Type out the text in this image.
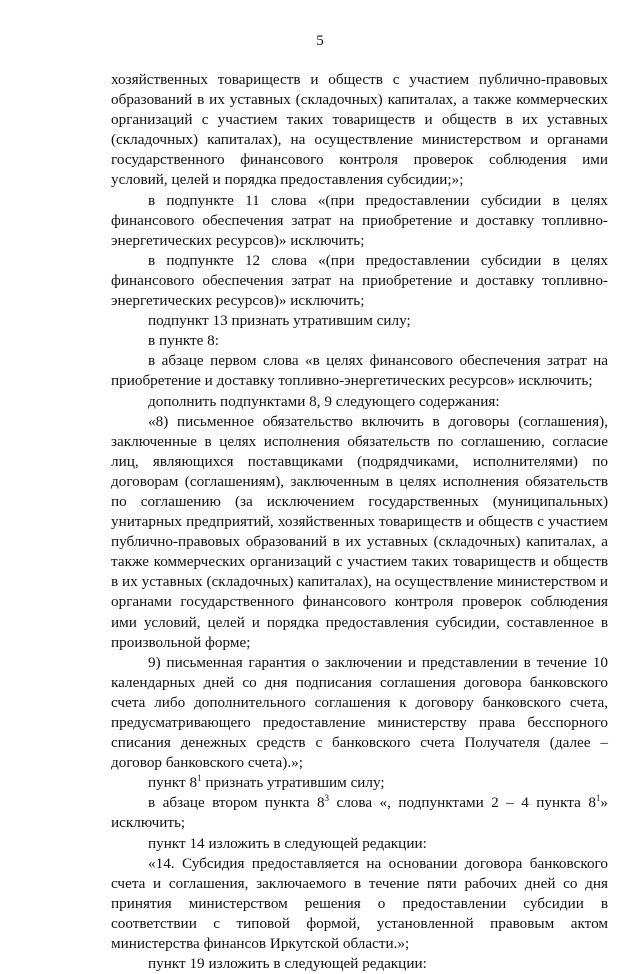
5

хозяйственных товариществ и обществ с участием публично-правовых образований в их уставных (складочных) капиталах, а также коммерческих организаций с участием таких товариществ и обществ в их уставных (складочных) капиталах), на осуществление министерством и органами государственного финансового контроля проверок соблюдения ими условий, целей и порядка предоставления субсидии;»;

в подпункте 11 слова «(при предоставлении субсидии в целях финансового обеспечения затрат на приобретение и доставку топливно-энергетических ресурсов)» исключить;

в подпункте 12 слова «(при предоставлении субсидии в целях финансового обеспечения затрат на приобретение и доставку топливно-энергетических ресурсов)» исключить;

подпункт 13 признать утратившим силу;

в пункте 8:

в абзаце первом слова «в целях финансового обеспечения затрат на приобретение и доставку топливно-энергетических ресурсов» исключить;

дополнить подпунктами 8, 9 следующего содержания:

«8) письменное обязательство включить в договоры (соглашения), заключенные в целях исполнения обязательств по соглашению, согласие лиц, являющихся поставщиками (подрядчиками, исполнителями) по договорам (соглашениям), заключенным в целях исполнения обязательств по соглашению (за исключением государственных (муниципальных) унитарных предприятий, хозяйственных товариществ и обществ с участием публично-правовых образований в их уставных (складочных) капиталах, а также коммерческих организаций с участием таких товариществ и обществ в их уставных (складочных) капиталах), на осуществление министерством и органами государственного финансового контроля проверок соблюдения ими условий, целей и порядка предоставления субсидии, составленное в произвольной форме;

9) письменная гарантия о заключении и представлении в течение 10 календарных дней со дня подписания соглашения договора банковского счета либо дополнительного соглашения к договору банковского счета, предусматривающего предоставление министерству права бесспорного списания денежных средств с банковского счета Получателя (далее – договор банковского счета).»;

пункт $8^1$ признать утратившим силу;

в абзаце втором пункта $8^3$ слова «, подпунктами 2 – 4 пункта $8^1$» исключить;

пункт 14 изложить в следующей редакции:

«14. Субсидия предоставляется на основании договора банковского счета и соглашения, заключаемого в течение пяти рабочих дней со дня принятия министерством решения о предоставлении субсидии в соответствии с типовой формой, установленной правовым актом министерства финансов Иркутской области.»;

пункт 19 изложить в следующей редакции:
